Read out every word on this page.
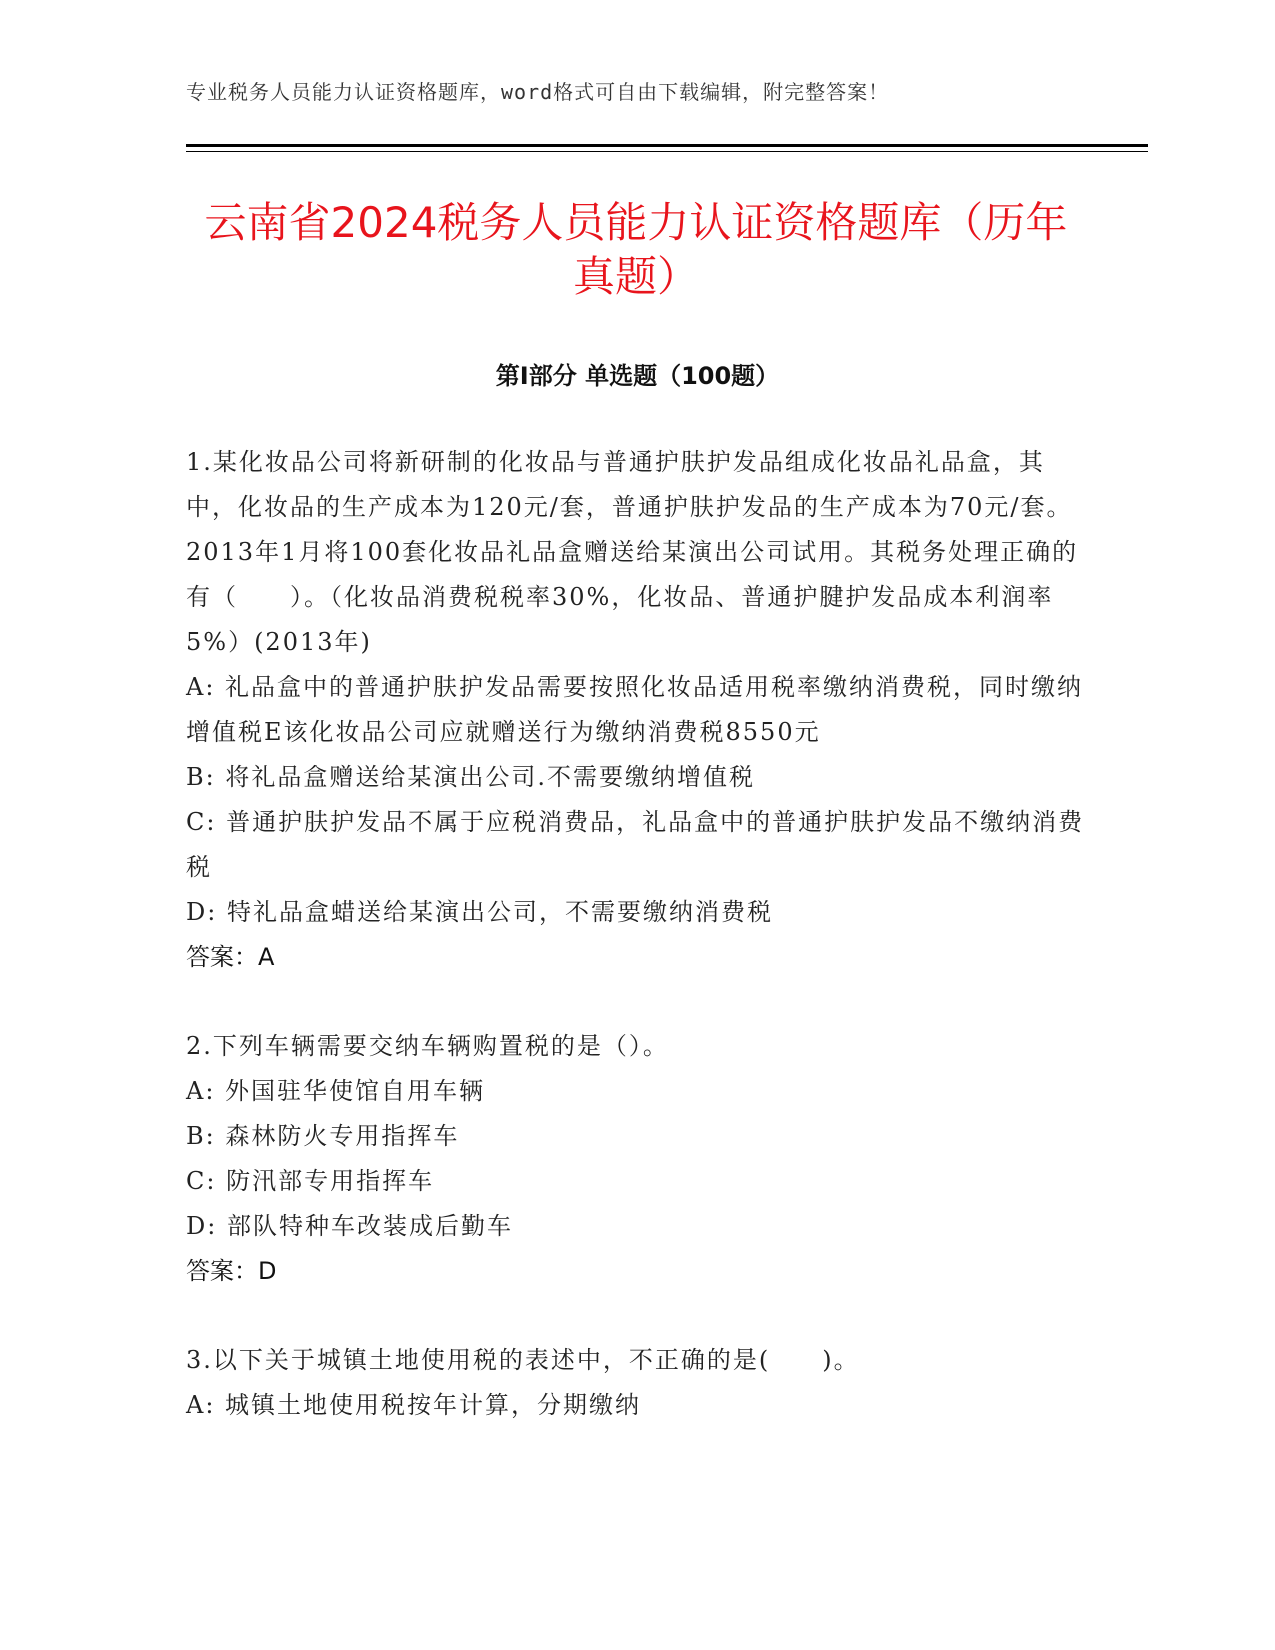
专业税务人员能力认证资格题库，word格式可自由下载编辑，附完整答案！
云南省2024税务人员能力认证资格题库（历年真题）
第I部分 单选题（100题）

1.某化妆品公司将新研制的化妆品与普通护肤护发品组成化妆品礼品盒，其中，化妆品的生产成本为120元/套，普通护肤护发品的生产成本为70元/套。2013年1月将100套化妆品礼品盒赠送给某演出公司试用。其税务处理正确的有（　　）。（化妆品消费税税率30%，化妆品、普通护腱护发品成本利润率5%）(2013年)

A: 礼品盒中的普通护肤护发品需要按照化妆品适用税率缴纳消费税，同时缴纳增值税E该化妆品公司应就赠送行为缴纳消费税8550元

B: 将礼品盒赠送给某演出公司.不需要缴纳增值税

C: 普通护肤护发品不属于应税消费品，礼品盒中的普通护肤护发品不缴纳消费税

D: 特礼品盒蜡送给某演出公司，不需要缴纳消费税

答案：A

2.下列车辆需要交纳车辆购置税的是（）。

A: 外国驻华使馆自用车辆

B: 森林防火专用指挥车

C: 防汛部专用指挥车

D: 部队特种车改装成后勤车

答案：D

3.以下关于城镇土地使用税的表述中，不正确的是(　　)。

A: 城镇土地使用税按年计算，分期缴纳
